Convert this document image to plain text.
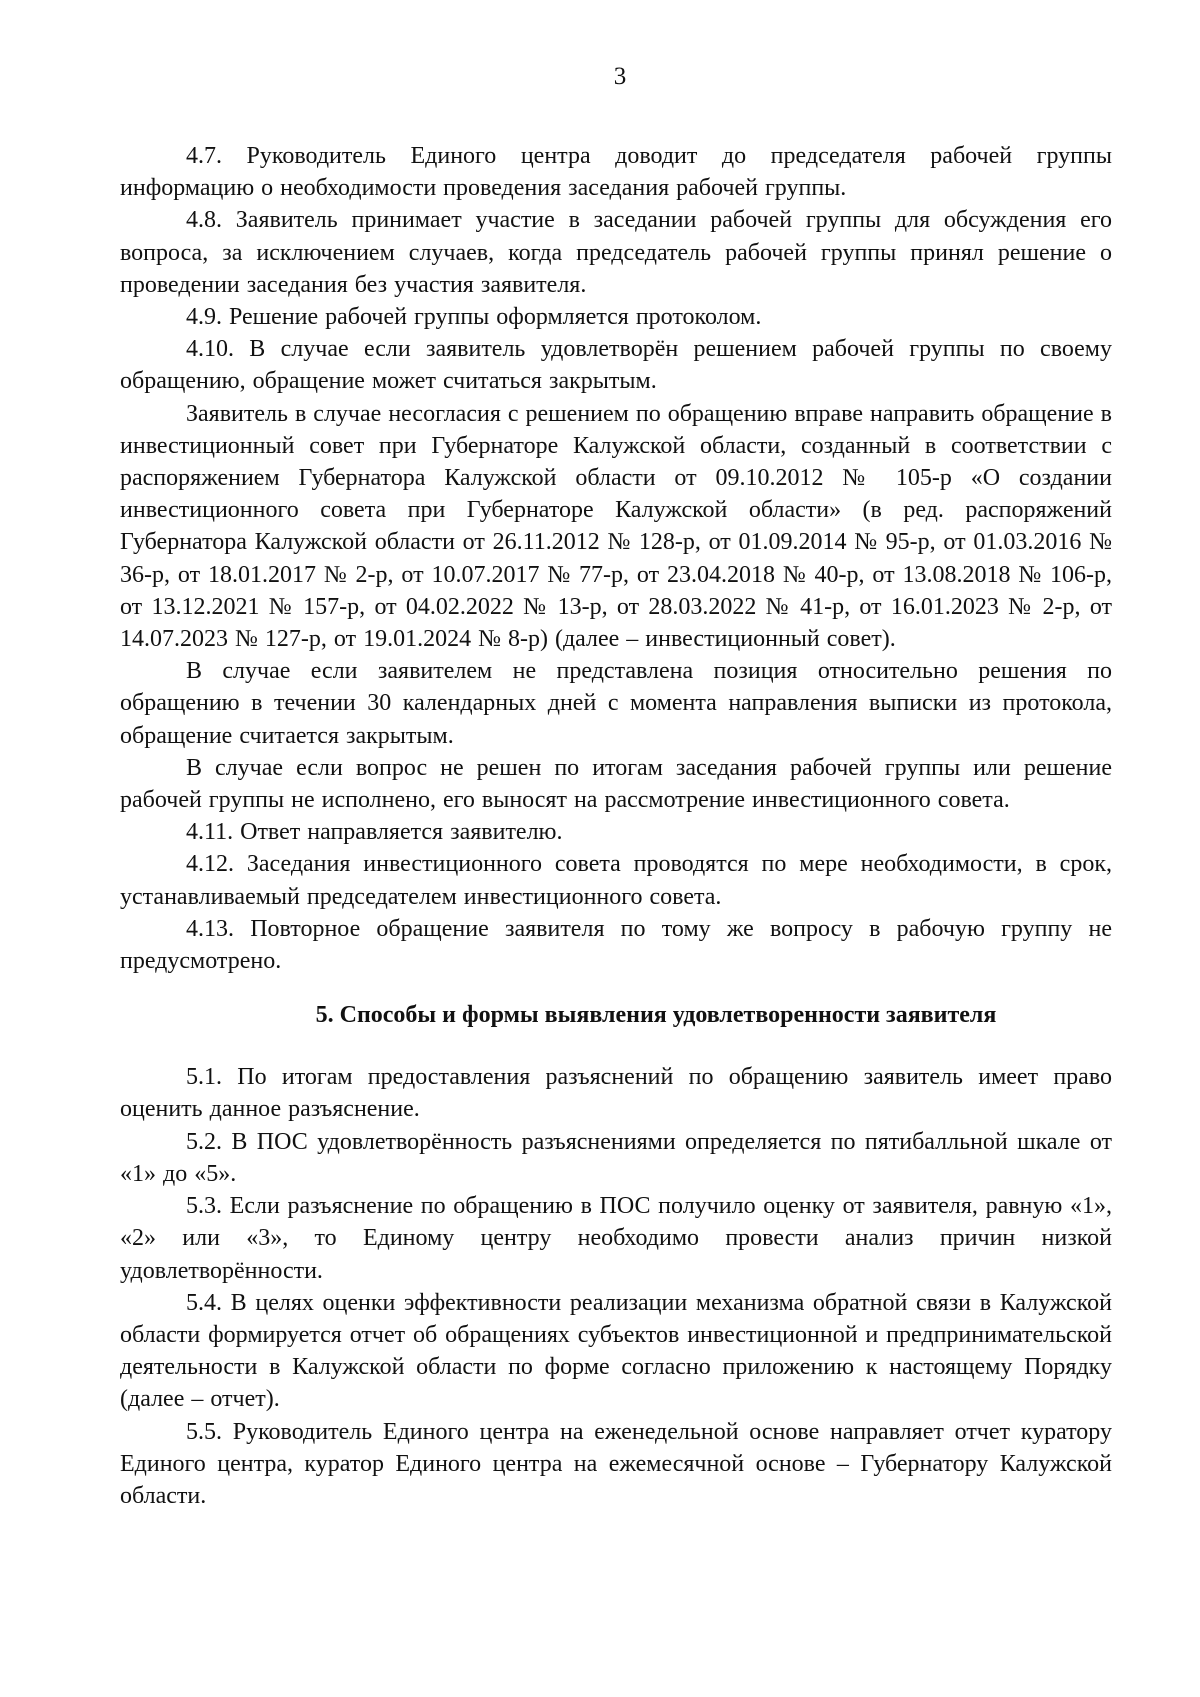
3

4.7. Руководитель Единого центра доводит до председателя рабочей группы информацию о необходимости проведения заседания рабочей группы.

4.8. Заявитель принимает участие в заседании рабочей группы для обсуждения его вопроса, за исключением случаев, когда председатель рабочей группы принял решение о проведении заседания без участия заявителя.

4.9. Решение рабочей группы оформляется протоколом.

4.10. В случае если заявитель удовлетворён решением рабочей группы по своему обращению, обращение может считаться закрытым.

Заявитель в случае несогласия с решением по обращению вправе направить обращение в инвестиционный совет при Губернаторе Калужской области, созданный в соответствии с распоряжением Губернатора Калужской области от 09.10.2012 № 105-р «О создании инвестиционного совета при Губернаторе Калужской области» (в ред. распоряжений Губернатора Калужской области от 26.11.2012 № 128-р, от 01.09.2014 № 95-р, от 01.03.2016 № 36-р, от 18.01.2017 № 2-р, от 10.07.2017 № 77-р, от 23.04.2018 № 40-р, от 13.08.2018 № 106-р, от 13.12.2021 № 157-р, от 04.02.2022 № 13-р, от 28.03.2022 № 41-р, от 16.01.2023 № 2-р, от 14.07.2023 № 127-р, от 19.01.2024 № 8-р) (далее – инвестиционный совет).

В случае если заявителем не представлена позиция относительно решения по обращению в течении 30 календарных дней с момента направления выписки из протокола, обращение считается закрытым.

В случае если вопрос не решен по итогам заседания рабочей группы или решение рабочей группы не исполнено, его выносят на рассмотрение инвестиционного совета.

4.11. Ответ направляется заявителю.

4.12. Заседания инвестиционного совета проводятся по мере необходимости, в срок, устанавливаемый председателем инвестиционного совета.

4.13. Повторное обращение заявителя по тому же вопросу в рабочую группу не предусмотрено.

5. Способы и формы выявления удовлетворенности заявителя

5.1. По итогам предоставления разъяснений по обращению заявитель имеет право оценить данное разъяснение.

5.2. В ПОС удовлетворённость разъяснениями определяется по пятибалльной шкале от «1» до «5».

5.3. Если разъяснение по обращению в ПОС получило оценку от заявителя, равную «1», «2» или «3», то Единому центру необходимо провести анализ причин низкой удовлетворённости.

5.4. В целях оценки эффективности реализации механизма обратной связи в Калужской области формируется отчет об обращениях субъектов инвестиционной и предпринимательской деятельности в Калужской области по форме согласно приложению к настоящему Порядку (далее – отчет).

5.5. Руководитель Единого центра на еженедельной основе направляет отчет куратору Единого центра, куратор Единого центра на ежемесячной основе – Губернатору Калужской области.
